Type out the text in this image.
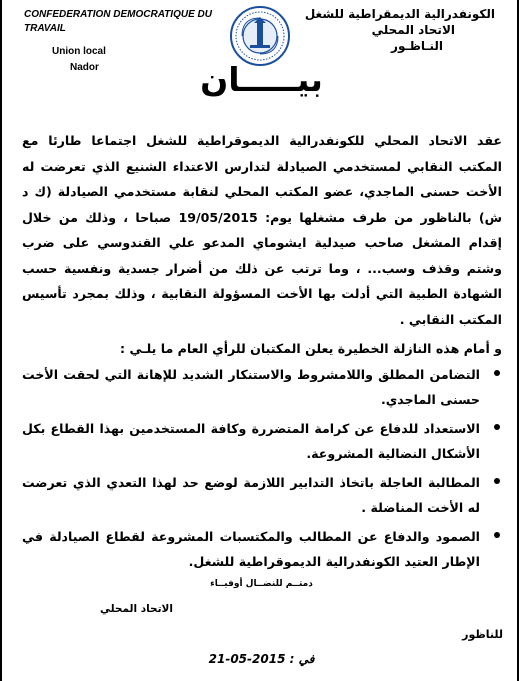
CONFEDERATION DEMOCRATIQUE DU TRAVAIL
Union local
Nador
الكونفدرالية الديمقراطية للشغل
الاتحاد المحلي
النـاظـور
بيـــــان

عقد الاتحاد المحلي للكونفدرالية الديموقراطية للشغل اجتماعا طارئا مع المكتب النقابي لمستخدمي الصيادلة لتدارس الاعتداء الشنيع الذي تعرضت له الأخت حسنى الماجدي، عضو المكتب المحلي لنقابة مستخدمي الصيادلة (ك د ش) بالناظور من طرف مشغلها يوم: 19/05/2015 صباحا ، وذلك من خلال إقدام المشغل صاحب صيدلية ايشوماي المدعو علي القندوسي على ضرب وشتم وقذف وسب... ، وما ترتب عن ذلك من أضرار جسدية ونفسية حسب الشهادة الطبية التي أدلت بها الأخت المسؤولة النقابية ، وذلك بمجرد تأسيس المكتب النقابي .

و أمام هذه النازلة الخطيرة يعلن المكتبان للرأي العام ما يلـي :

التضامن المطلق واللامشروط والاستنكار الشديد للإهانة التي لحقت الأخت حسنى الماجدي.
الاستعداد للدفاع عن كرامة المتضررة وكافة المستخدمين بهذا القطاع بكل الأشكال النضالية المشروعة.
المطالبة العاجلة باتخاذ التدابير اللازمة لوضع حد لهذا التعدي الذي تعرضت له الأخت المناضلة .
الصمود والدفاع عن المطالب والمكتسبات المشروعة لقطاع الصيادلة في الإطار العتيد الكونفدرالية الديموقراطية للشغل.
دمتــم للنضــال أوفيــاء
الاتحاد المحلي
للناظور
في : 21-05-2015
